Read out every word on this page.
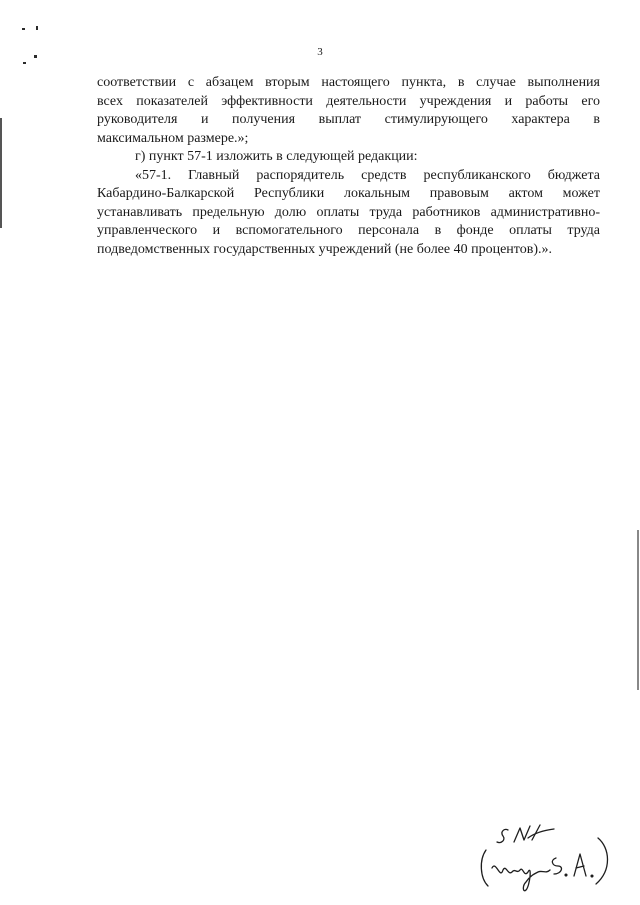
3

соответствии с абзацем вторым настоящего пункта, в случае выполнения
всех показателей эффективности деятельности учреждения и работы его
руководителя и получения выплат стимулирующего характера в
максимальном размере.»;

г) пункт 57-1 изложить в следующей редакции:

«57-1. Главный распорядитель средств республиканского бюджета
Кабардино-Балкарской Республики локальным правовым актом может
устанавливать предельную долю оплаты труда работников административно-
управленческого и вспомогательного персонала в фонде оплаты труда
подведомственных государственных учреждений (не более 40 процентов).».
